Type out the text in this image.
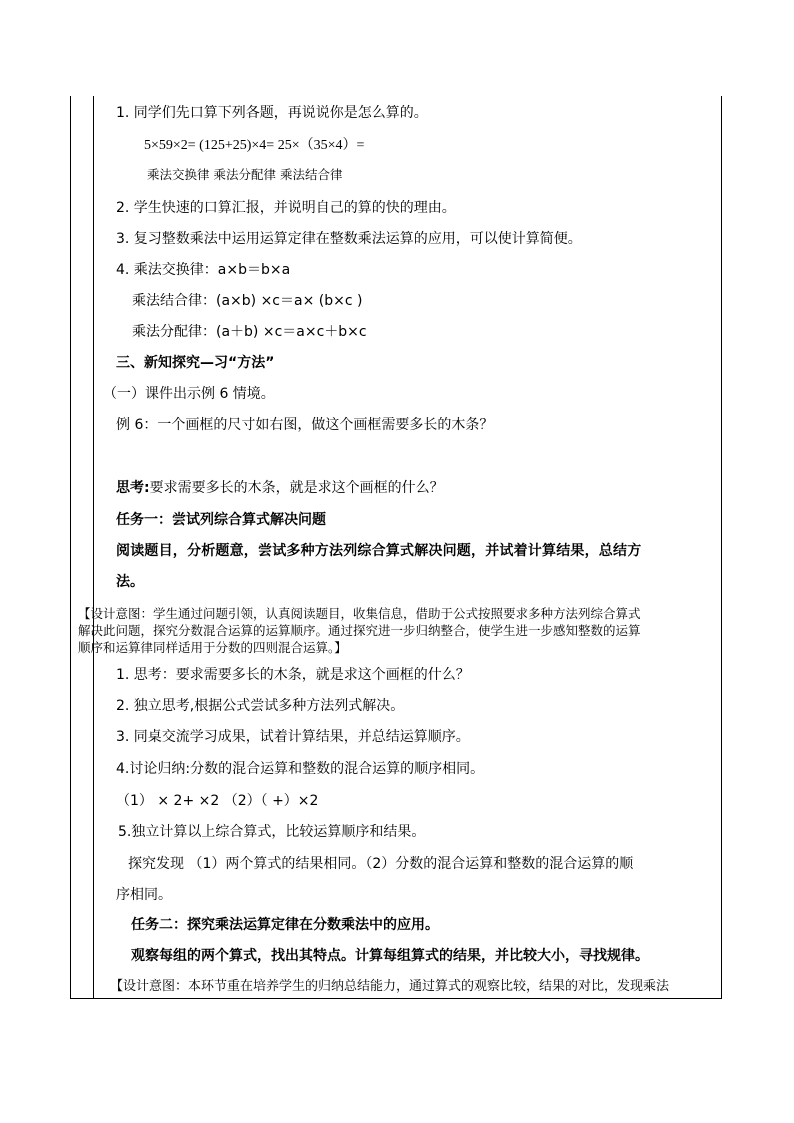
1. 同学们先口算下列各题，再说说你是怎么算的。
5×59×2= (125+25)×4= 25×（35×4）=
乘法交换律 乘法分配律 乘法结合律
2. 学生快速的口算汇报，并说明自己的算的快的理由。
3. 复习整数乘法中运用运算定律在整数乘法运算的应用，可以使计算简便。
4. 乘法交换律：a×b＝b×a
乘法结合律：(a×b) ×c＝a× (b×c )
乘法分配律：(a＋b) ×c＝a×c＋b×c
三、新知探究—习“方法”
（一）课件出示例 6 情境。
例 6：一个画框的尺寸如右图，做这个画框需要多长的木条？
思考:要求需要多长的木条，就是求这个画框的什么？
任务一：尝试列综合算式解决问题
阅读题目，分析题意，尝试多种方法列综合算式解决问题，并试着计算结果，总结方
法。
【设计意图：学生通过问题引领，认真阅读题目，收集信息，借助于公式按照要求多种方法列综合算式
解决此问题，探究分数混合运算的运算顺序。通过探究进一步归纳整合，使学生进一步感知整数的运算
顺序和运算律同样适用于分数的四则混合运算。】
1. 思考：要求需要多长的木条，就是求这个画框的什么？
2. 独立思考,根据公式尝试多种方法列式解决。
3. 同桌交流学习成果，试着计算结果，并总结运算顺序。
4.讨论归纳:分数的混合运算和整数的混合运算的顺序相同。
（1） × 2+ ×2 （2）（ +）×2
5.独立计算以上综合算式，比较运算顺序和结果。
探究发现 （1）两个算式的结果相同。（2）分数的混合运算和整数的混合运算的顺
序相同。
任务二：探究乘法运算定律在分数乘法中的应用。
观察每组的两个算式，找出其特点。计算每组算式的结果，并比较大小，寻找规律。
【设计意图：本环节重在培养学生的归纳总结能力，通过算式的观察比较，结果的对比，发现乘法
